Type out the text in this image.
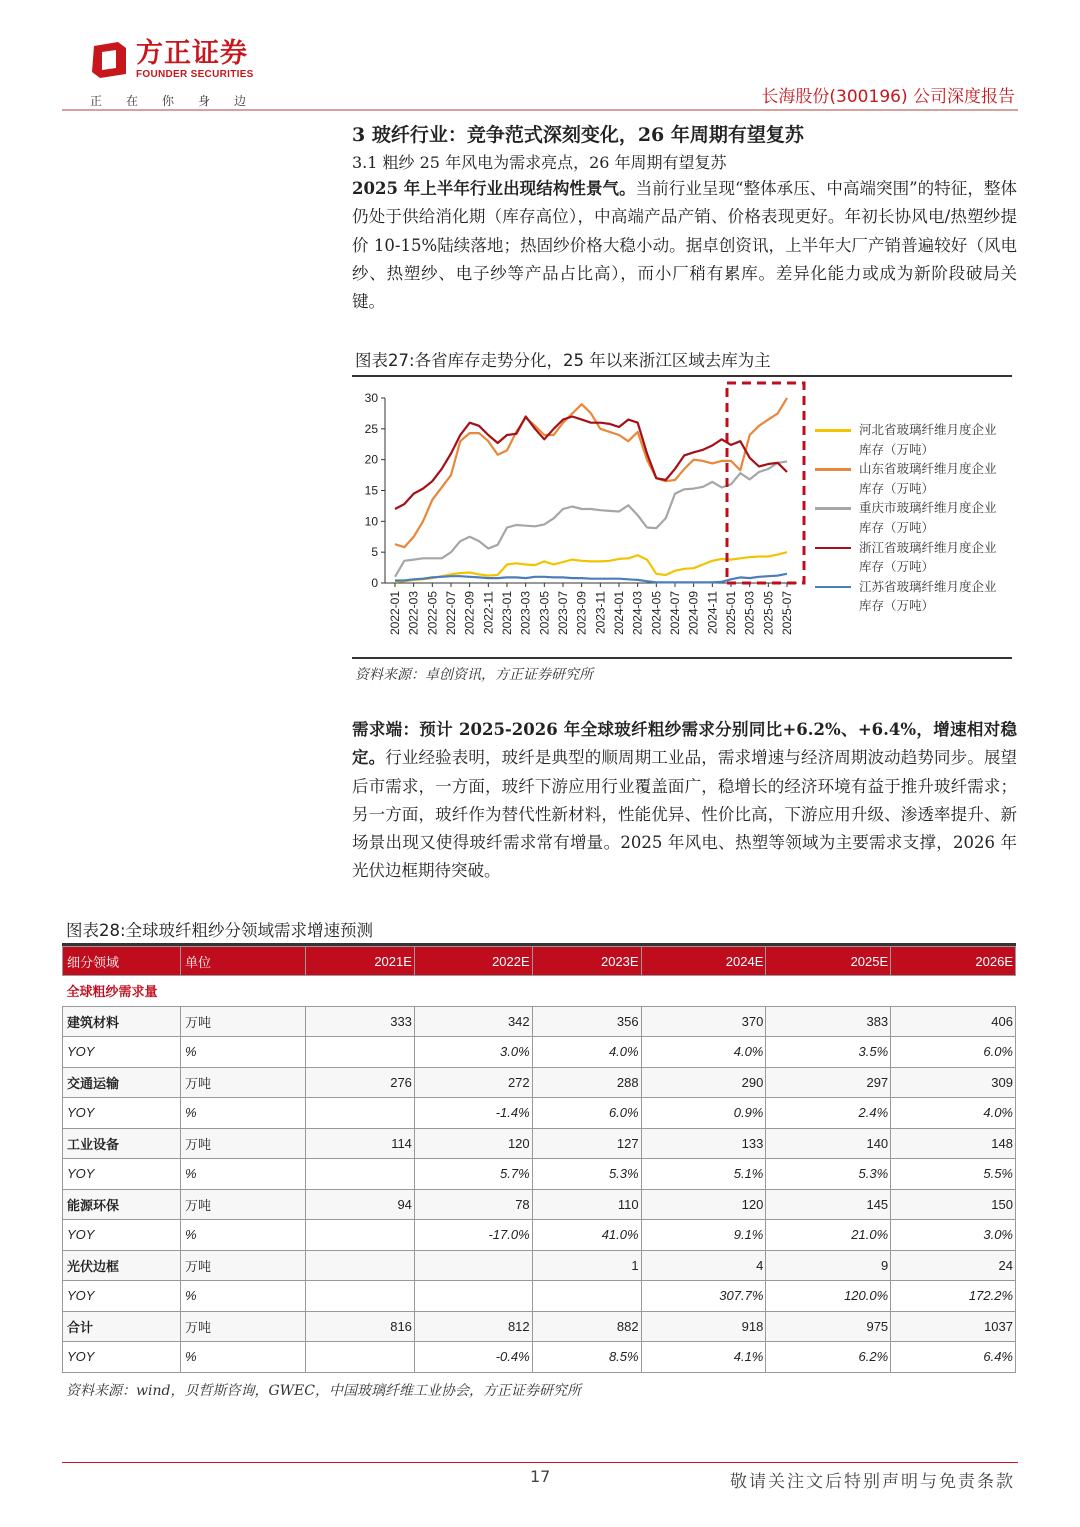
方正证券
FOUNDER SECURITIES
正在你身边	长海股份(300196) 公司深度报告
3 玻纤行业：竞争范式深刻变化，26 年周期有望复苏
3.1 粗纱 25 年风电为需求亮点，26 年周期有望复苏
2025 年上半年行业出现结构性景气。当前行业呈现“整体承压、中高端突围”的特征，整体仍处于供给消化期（库存高位），中高端产品产销、价格表现更好。年初长协风电/热塑纱提价 10-15%陆续落地；热固纱价格大稳小动。据卓创资讯，上半年大厂产销普遍较好（风电纱、热塑纱、电子纱等产品占比高），而小厂稍有累库。差异化能力或成为新阶段破局关键。
图表27:各省库存走势分化，25 年以来浙江区域去库为主
0
5
10
15
20
25
30
2022-01 2022-03 2022-05 2022-07 2022-09 2022-11 2023-01 2023-03 2023-05 2023-07 2023-09 2023-11 2024-01 2024-03 2024-05 2024-07 2024-09 2024-11 2025-01 2025-03 2025-05 2025-07
河北省玻璃纤维月度企业库存（万吨）
山东省玻璃纤维月度企业库存（万吨）
重庆市玻璃纤维月度企业库存（万吨）
浙江省玻璃纤维月度企业库存（万吨）
江苏省玻璃纤维月度企业库存（万吨）
资料来源：卓创资讯，方正证券研究所
需求端：预计 2025-2026 年全球玻纤粗纱需求分别同比+6.2%、+6.4%，增速相对稳定。行业经验表明，玻纤是典型的顺周期工业品，需求增速与经济周期波动趋势同步。展望后市需求，一方面，玻纤下游应用行业覆盖面广，稳增长的经济环境有益于推升玻纤需求；另一方面，玻纤作为替代性新材料，性能优异、性价比高，下游应用升级、渗透率提升、新场景出现又使得玻纤需求常有增量。2025 年风电、热塑等领域为主要需求支撑，2026 年光伏边框期待突破。
图表28:全球玻纤粗纱分领域需求增速预测
细分领域	单位	2021E	2022E	2023E	2024E	2025E	2026E
全球粗纱需求量							
建筑材料	万吨	333	342	356	370	383	406
YOY	%		3.0%	4.0%	4.0%	3.5%	6.0%
交通运输	万吨	276	272	288	290	297	309
YOY	%		-1.4%	6.0%	0.9%	2.4%	4.0%
工业设备	万吨	114	120	127	133	140	148
YOY	%		5.7%	5.3%	5.1%	5.3%	5.5%
能源环保	万吨	94	78	110	120	145	150
YOY	%		-17.0%	41.0%	9.1%	21.0%	3.0%
光伏边框	万吨			1	4	9	24
YOY	%				307.7%	120.0%	172.2%
合计	万吨	816	812	882	918	975	1037
YOY	%		-0.4%	8.5%	4.1%	6.2%	6.4%
资料来源：wind，贝哲斯咨询，GWEC，中国玻璃纤维工业协会，方正证券研究所
17	敬请关注文后特别声明与免责条款
